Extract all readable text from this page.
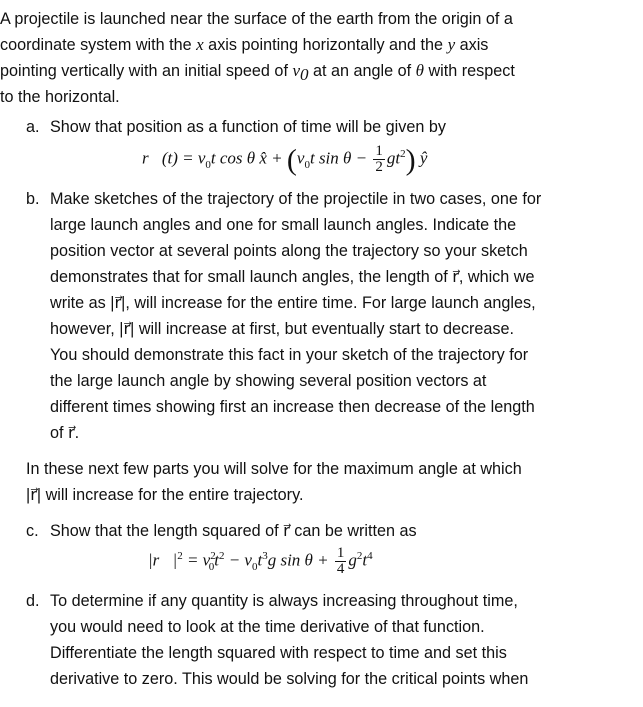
A projectile is launched near the surface of the earth from the origin of a
coordinate system with the x axis pointing horizontally and the y axis
pointing vertically with an initial speed of $v_0$ at an angle of θ with respect
to the horizontal.
a. Show that position as a function of time will be given by
r⃗(t) = $v_0t$ cos θ x̂ + ($v_0t$ $\sin \theta - \frac{1}{2} gt^2$) ŷ
b. Make sketches of the trajectory of the projectile in two cases, one for
large launch angles and one for small launch angles. Indicate the
position vector at several points along the trajectory so your sketch
demonstrates that for small launch angles, the length of r⃗, which we
write as |r⃗|, will increase for the entire time. For large launch angles,
however, |r⃗| will increase at first, but eventually start to decrease.
You should demonstrate this fact in your sketch of the trajectory for
the large launch angle by showing several position vectors at
different times showing first an increase then decrease of the length
of r⃗.
In these next few parts you will solve for the maximum angle at which
|r⃗| will increase for the entire trajectory.
c. Show that the length squared of r⃗ can be written as
$|r⃗|^2 = v^2_0t^2 - v_0t^3g$ $\sin \theta + \frac{1}{4} g^2t^4$
d. To determine if any quantity is always increasing throughout time,
you would need to look at the time derivative of that function.
Differentiate the length squared with respect to time and set this
derivative to zero. This would be solving for the critical points when
